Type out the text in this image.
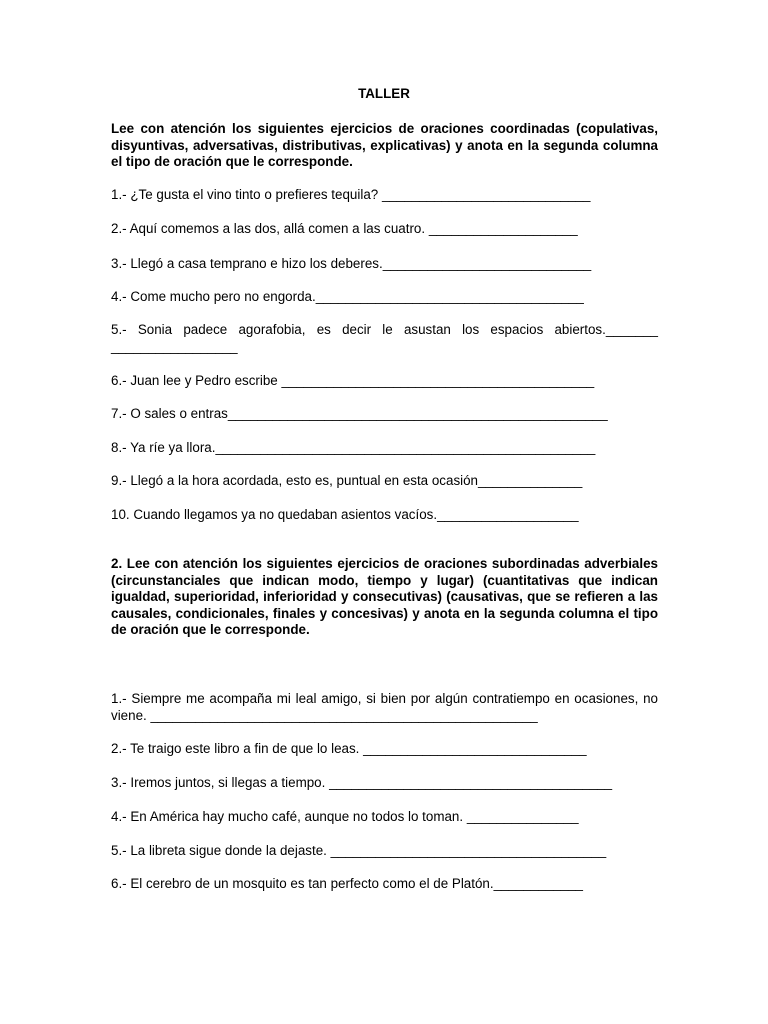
TALLER

Lee con atención los siguientes ejercicios de oraciones coordinadas (copulativas, disyuntivas, adversativas, distributivas, explicativas) y anota en la segunda columna el tipo de oración que le corresponde.

1.- ¿Te gusta el vino tinto o prefieres tequila? ____________________________

2.- Aquí comemos a las dos, allá comen a las cuatro. ____________________

3.- Llegó a casa temprano e hizo los deberes.____________________________

4.- Come mucho pero no engorda.____________________________________

5.- Sonia padece agorafobia, es decir le asustan los espacios abiertos._______ _________________

6.- Juan lee y Pedro escribe __________________________________________

7.- O sales o entras___________________________________________________

8.- Ya ríe ya llora.___________________________________________________

9.- Llegó a la hora acordada, esto es, puntual en esta ocasión______________

10. Cuando llegamos ya no quedaban asientos vacíos.___________________

2. Lee con atención los siguientes ejercicios de oraciones subordinadas adverbiales (circunstanciales que indican modo, tiempo y lugar) (cuantitativas que indican igualdad, superioridad, inferioridad y consecutivas) (causativas, que se refieren a las causales, condicionales, finales y concesivas) y anota en la segunda columna el tipo de oración que le corresponde.

1.- Siempre me acompaña mi leal amigo, si bien por algún contratiempo en ocasiones, no viene. ____________________________________________________

2.- Te traigo este libro a fin de que lo leas. ______________________________

3.- Iremos juntos, si llegas a tiempo. ______________________________________

4.- En América hay mucho café, aunque no todos lo toman. _______________

5.- La libreta sigue donde la dejaste. _____________________________________

6.- El cerebro de un mosquito es tan perfecto como el de Platón.____________
